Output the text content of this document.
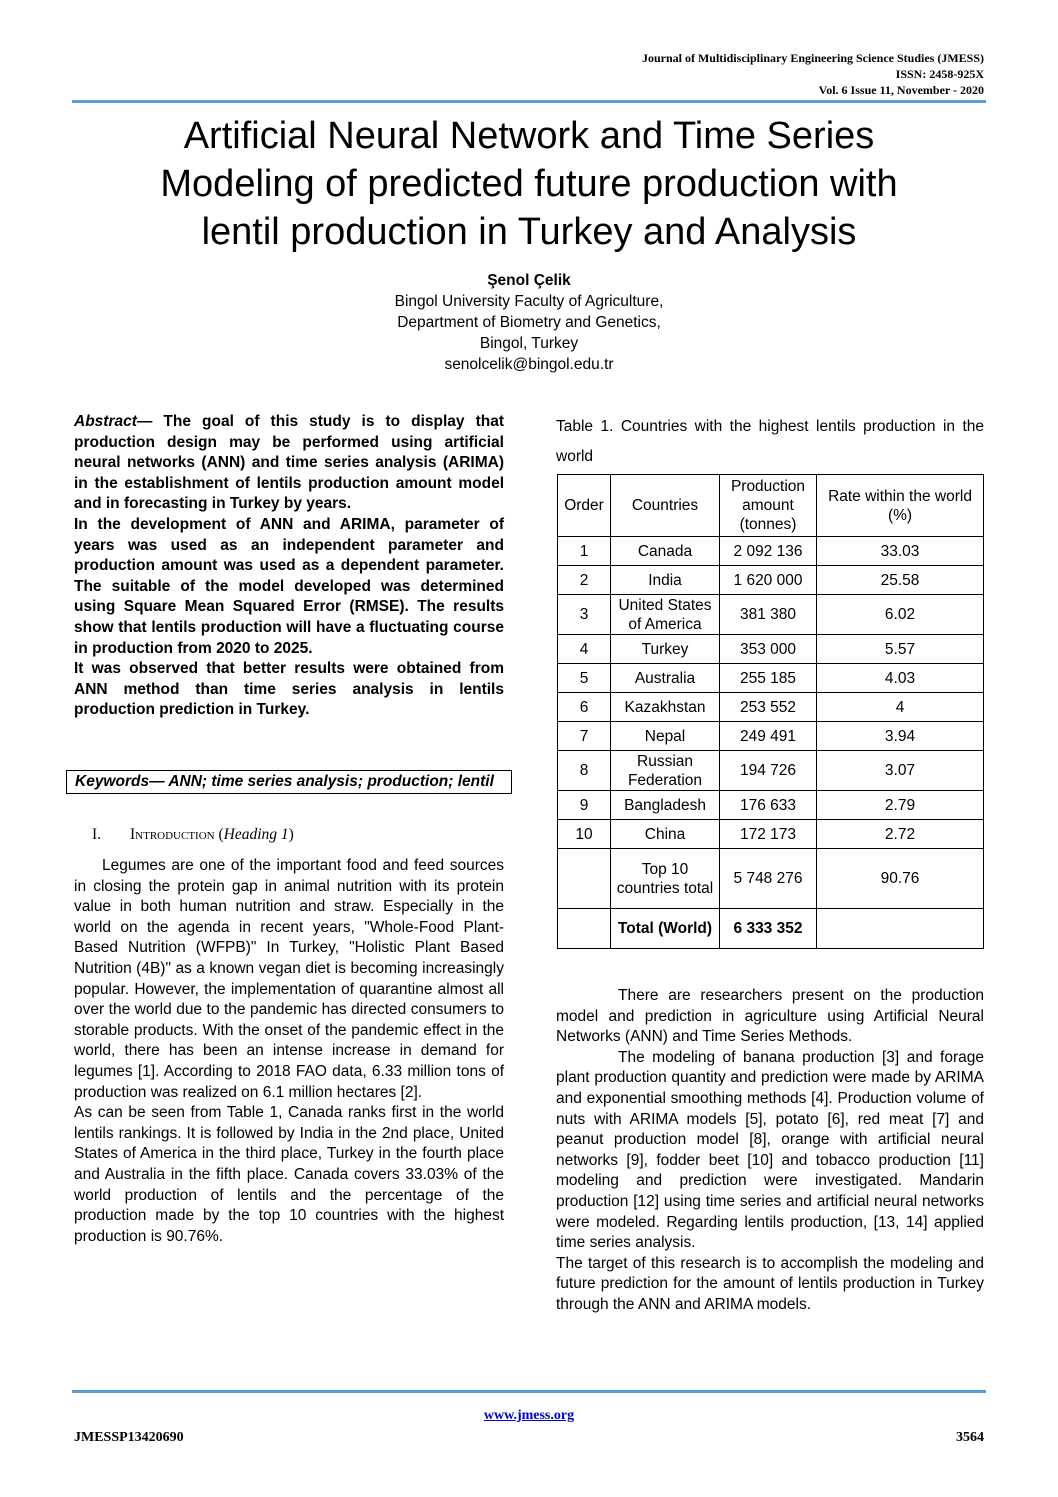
Journal of Multidisciplinary Engineering Science Studies (JMESS)
ISSN: 2458-925X
Vol. 6 Issue 11, November - 2020
Artificial Neural Network and Time Series
Modeling of predicted future production with
lentil production in Turkey and Analysis
Şenol Çelik
Bingol University Faculty of Agriculture,
Department of Biometry and Genetics,
Bingol, Turkey
senolcelik@bingol.edu.tr

Abstract— The goal of this study is to display that production design may be performed using artificial neural networks (ANN) and time series analysis (ARIMA) in the establishment of lentils production amount model and in forecasting in Turkey by years.

In the development of ANN and ARIMA, parameter of years was used as an independent parameter and production amount was used as a dependent parameter. The suitable of the model developed was determined using Square Mean Squared Error (RMSE). The results show that lentils production will have a fluctuating course in production from 2020 to 2025.

It was observed that better results were obtained from ANN method than time series analysis in lentils production prediction in Turkey.

Keywords— ANN; time series analysis; production; lentil
I. Introduction (Heading 1)

Legumes are one of the important food and feed sources in closing the protein gap in animal nutrition with its protein value in both human nutrition and straw. Especially in the world on the agenda in recent years, "Whole-Food Plant-Based Nutrition (WFPB)" In Turkey, "Holistic Plant Based Nutrition (4B)" as a known vegan diet is becoming increasingly popular. However, the implementation of quarantine almost all over the world due to the pandemic has directed consumers to storable products. With the onset of the pandemic effect in the world, there has been an intense increase in demand for legumes [1]. According to 2018 FAO data, 6.33 million tons of production was realized on 6.1 million hectares [2].

As can be seen from Table 1, Canada ranks first in the world lentils rankings. It is followed by India in the 2nd place, United States of America in the third place, Turkey in the fourth place and Australia in the fifth place. Canada covers 33.03% of the world production of lentils and the percentage of the production made by the top 10 countries with the highest production is 90.76%.

Table 1. Countries with the highest lentils production in the world
Order	Countries	Production amount (tonnes)	Rate within the world (%)
1	Canada	2 092 136	33.03
2	India	1 620 000	25.58
3	United States of America	381 380	6.02
4	Turkey	353 000	5.57
5	Australia	255 185	4.03
6	Kazakhstan	253 552	4
7	Nepal	249 491	3.94
8	Russian Federation	194 726	3.07
9	Bangladesh	176 633	2.79
10	China	172 173	2.72
	Top 10 countries total	5 748 276	90.76
	Total (World)	6 333 352	

There are researchers present on the production model and prediction in agriculture using Artificial Neural Networks (ANN) and Time Series Methods.

The modeling of banana production [3] and forage plant production quantity and prediction were made by ARIMA and exponential smoothing methods [4]. Production volume of nuts with ARIMA models [5], potato [6], red meat [7] and peanut production model [8], orange with artificial neural networks [9], fodder beet [10] and tobacco production [11] modeling and prediction were investigated. Mandarin production [12] using time series and artificial neural networks were modeled. Regarding lentils production, [13, 14] applied time series analysis.

The target of this research is to accomplish the modeling and future prediction for the amount of lentils production in Turkey through the ANN and ARIMA models.

www.jmess.org
JMESSP13420690	3564
